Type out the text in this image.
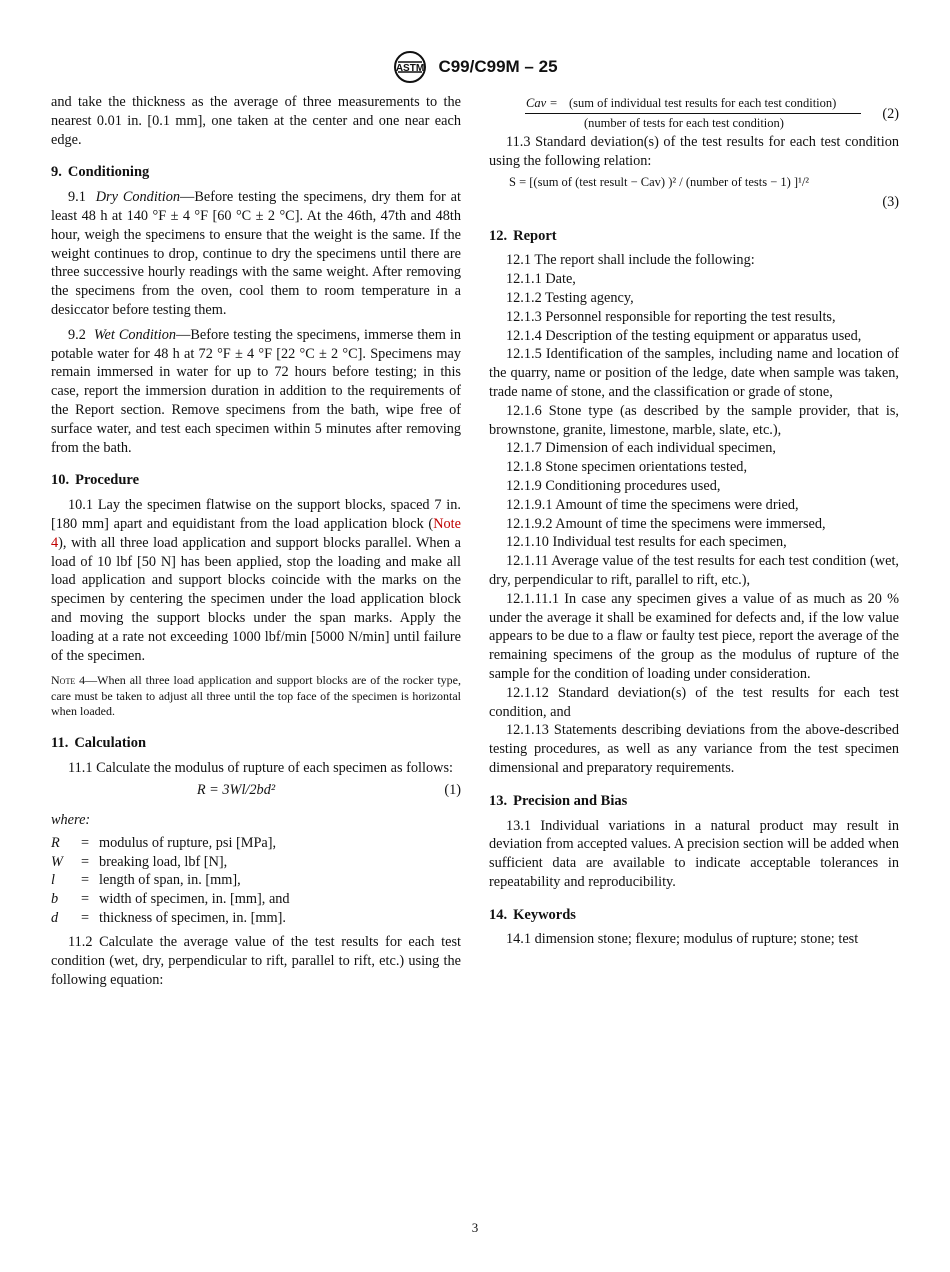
ASTM C99/C99M – 25

and take the thickness as the average of three measurements to the nearest 0.01 in. [0.1 mm], one taken at the center and one near each edge.

9. Conditioning

9.1 Dry Condition—Before testing the specimens, dry them for at least 48 h at 140 °F ± 4 °F [60 °C ± 2 °C]. At the 46th, 47th and 48th hour, weigh the specimens to ensure that the weight is the same. If the weight continues to drop, continue to dry the specimens until there are three successive hourly readings with the same weight. After removing the specimens from the oven, cool them to room temperature in a desiccator before testing them.

9.2 Wet Condition—Before testing the specimens, immerse them in potable water for 48 h at 72 °F ± 4 °F [22 °C ± 2 °C]. Specimens may remain immersed in water for up to 72 hours before testing; in this case, report the immersion duration in addition to the requirements of the Report section. Remove specimens from the bath, wipe free of surface water, and test each specimen within 5 minutes after removing from the bath.

10. Procedure

10.1 Lay the specimen flatwise on the support blocks, spaced 7 in. [180 mm] apart and equidistant from the load application block (Note 4), with all three load application and support blocks parallel. When a load of 10 lbf [50 N] has been applied, stop the loading and make all load application and support blocks coincide with the marks on the specimen by centering the specimen under the load application block and moving the support blocks under the span marks. Apply the loading at a rate not exceeding 1000 lbf/min [5000 N/min] until failure of the specimen.

Note 4—When all three load application and support blocks are of the rocker type, care must be taken to adjust all three until the top face of the specimen is horizontal when loaded.

11. Calculation

11.1 Calculate the modulus of rupture of each specimen as follows:

R = 3Wl/2bd²	(1)
where:
R	= modulus of rupture, psi [MPa],
W	= breaking load, lbf [N],
l	= length of span, in. [mm],
b	= width of specimen, in. [mm], and
d	= thickness of specimen, in. [mm].

11.2 Calculate the average value of the test results for each test condition (wet, dry, perpendicular to rift, parallel to rift, etc.) using the following equation:

Cav = (sum of individual test results for each test condition)
(number of tests for each test condition)
(2)

11.3 Standard deviation(s) of the test results for each test condition using the following relation:

S = [(sum of (test result − Cav) )² / (number of tests − 1) ]¹/²
(3)
12. Report

12.1 The report shall include the following:

12.1.1 Date,

12.1.2 Testing agency,

12.1.3 Personnel responsible for reporting the test results,

12.1.4 Description of the testing equipment or apparatus used,

12.1.5 Identification of the samples, including name and location of the quarry, name or position of the ledge, date when sample was taken, trade name of stone, and the classification or grade of stone,

12.1.6 Stone type (as described by the sample provider, that is, brownstone, granite, limestone, marble, slate, etc.),

12.1.7 Dimension of each individual specimen,

12.1.8 Stone specimen orientations tested,

12.1.9 Conditioning procedures used,

12.1.9.1 Amount of time the specimens were dried,

12.1.9.2 Amount of time the specimens were immersed,

12.1.10 Individual test results for each specimen,

12.1.11 Average value of the test results for each test condition (wet, dry, perpendicular to rift, parallel to rift, etc.),

12.1.11.1 In case any specimen gives a value of as much as 20 % under the average it shall be examined for defects and, if the low value appears to be due to a flaw or faulty test piece, report the average of the remaining specimens of the group as the modulus of rupture of the sample for the condition of loading under consideration.

12.1.12 Standard deviation(s) of the test results for each test condition, and

12.1.13 Statements describing deviations from the above-described testing procedures, as well as any variance from the test specimen dimensional and preparatory requirements.

13. Precision and Bias

13.1 Individual variations in a natural product may result in deviation from accepted values. A precision section will be added when sufficient data are available to indicate acceptable tolerances in repeatability and reproducibility.

14. Keywords

14.1 dimension stone; flexure; modulus of rupture; stone; test

3
